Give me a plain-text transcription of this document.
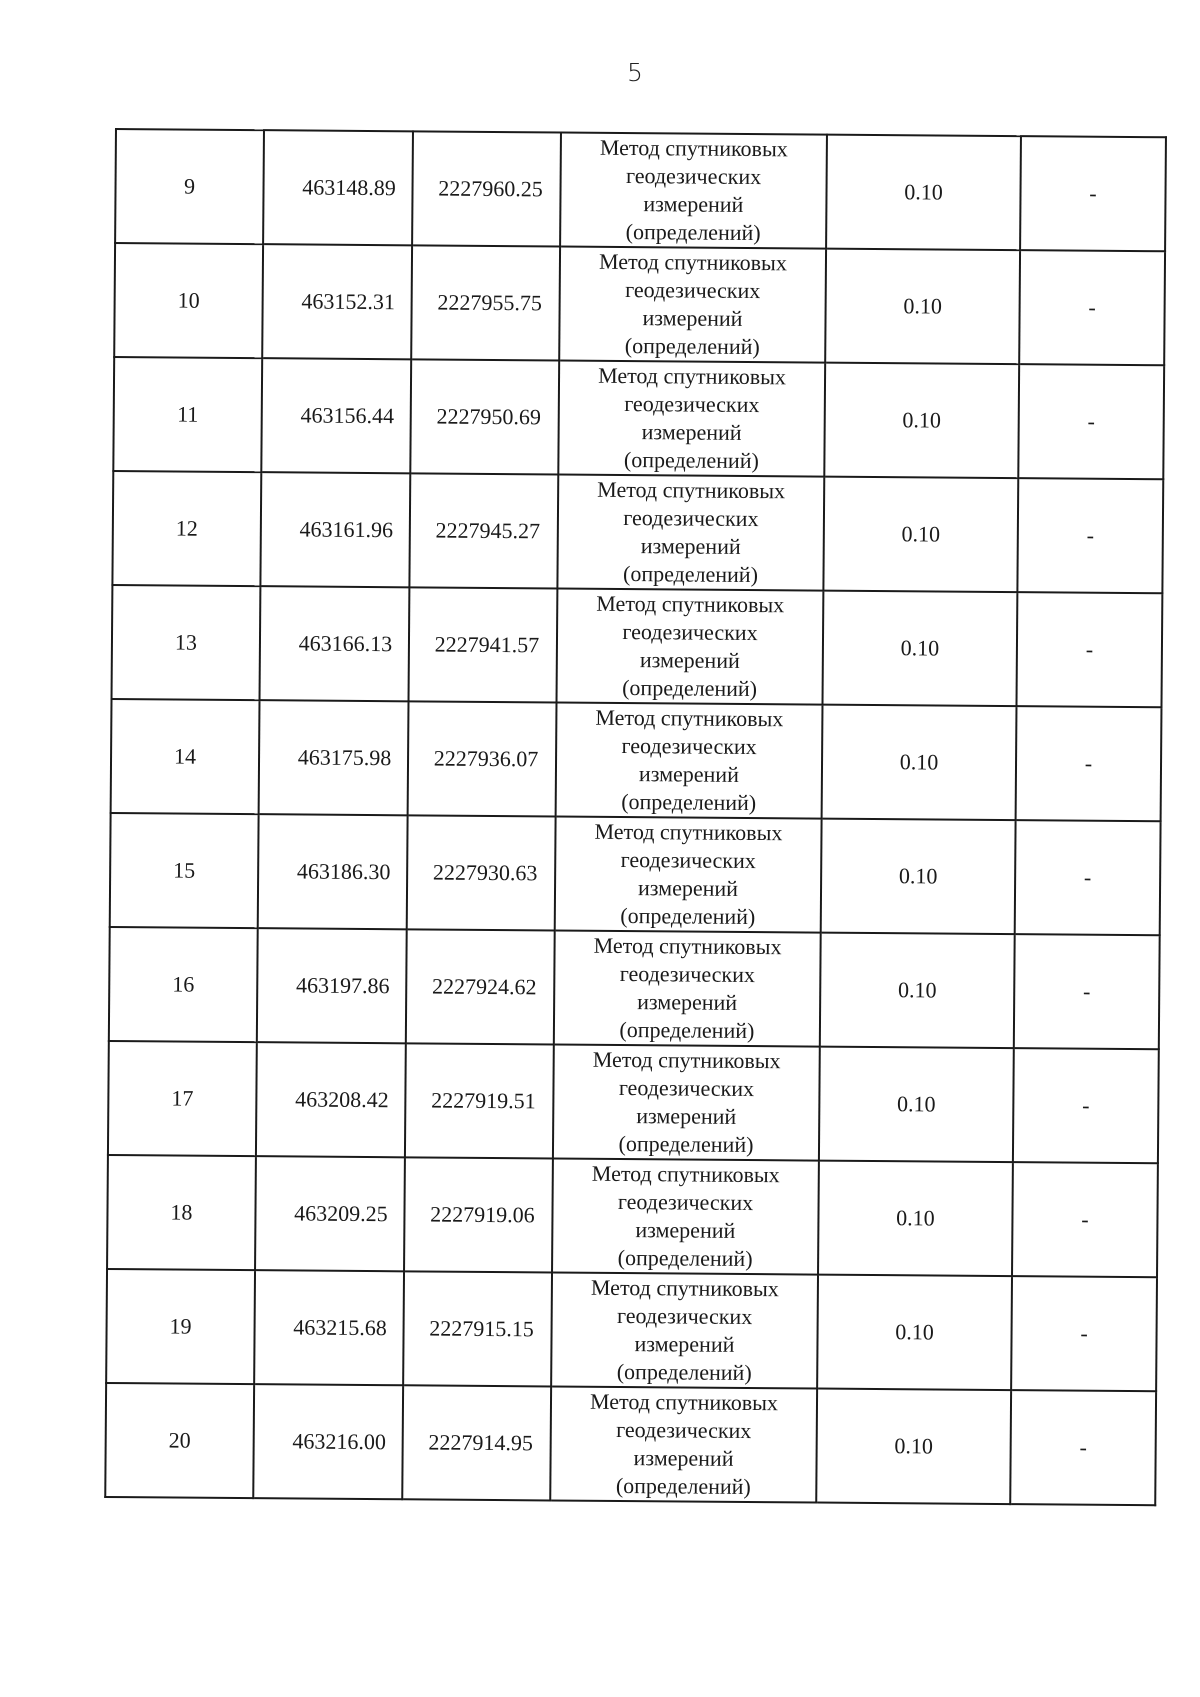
5
9	463148.89	2227960.25	Метод спутниковых
геодезических
измерений
(определений)	0.10	-
10	463152.31	2227955.75	Метод спутниковых
геодезических
измерений
(определений)	0.10	-
11	463156.44	2227950.69	Метод спутниковых
геодезических
измерений
(определений)	0.10	-
12	463161.96	2227945.27	Метод спутниковых
геодезических
измерений
(определений)	0.10	-
13	463166.13	2227941.57	Метод спутниковых
геодезических
измерений
(определений)	0.10	-
14	463175.98	2227936.07	Метод спутниковых
геодезических
измерений
(определений)	0.10	-
15	463186.30	2227930.63	Метод спутниковых
геодезических
измерений
(определений)	0.10	-
16	463197.86	2227924.62	Метод спутниковых
геодезических
измерений
(определений)	0.10	-
17	463208.42	2227919.51	Метод спутниковых
геодезических
измерений
(определений)	0.10	-
18	463209.25	2227919.06	Метод спутниковых
геодезических
измерений
(определений)	0.10	-
19	463215.68	2227915.15	Метод спутниковых
геодезических
измерений
(определений)	0.10	-
20	463216.00	2227914.95	Метод спутниковых
геодезических
измерений
(определений)	0.10	-
